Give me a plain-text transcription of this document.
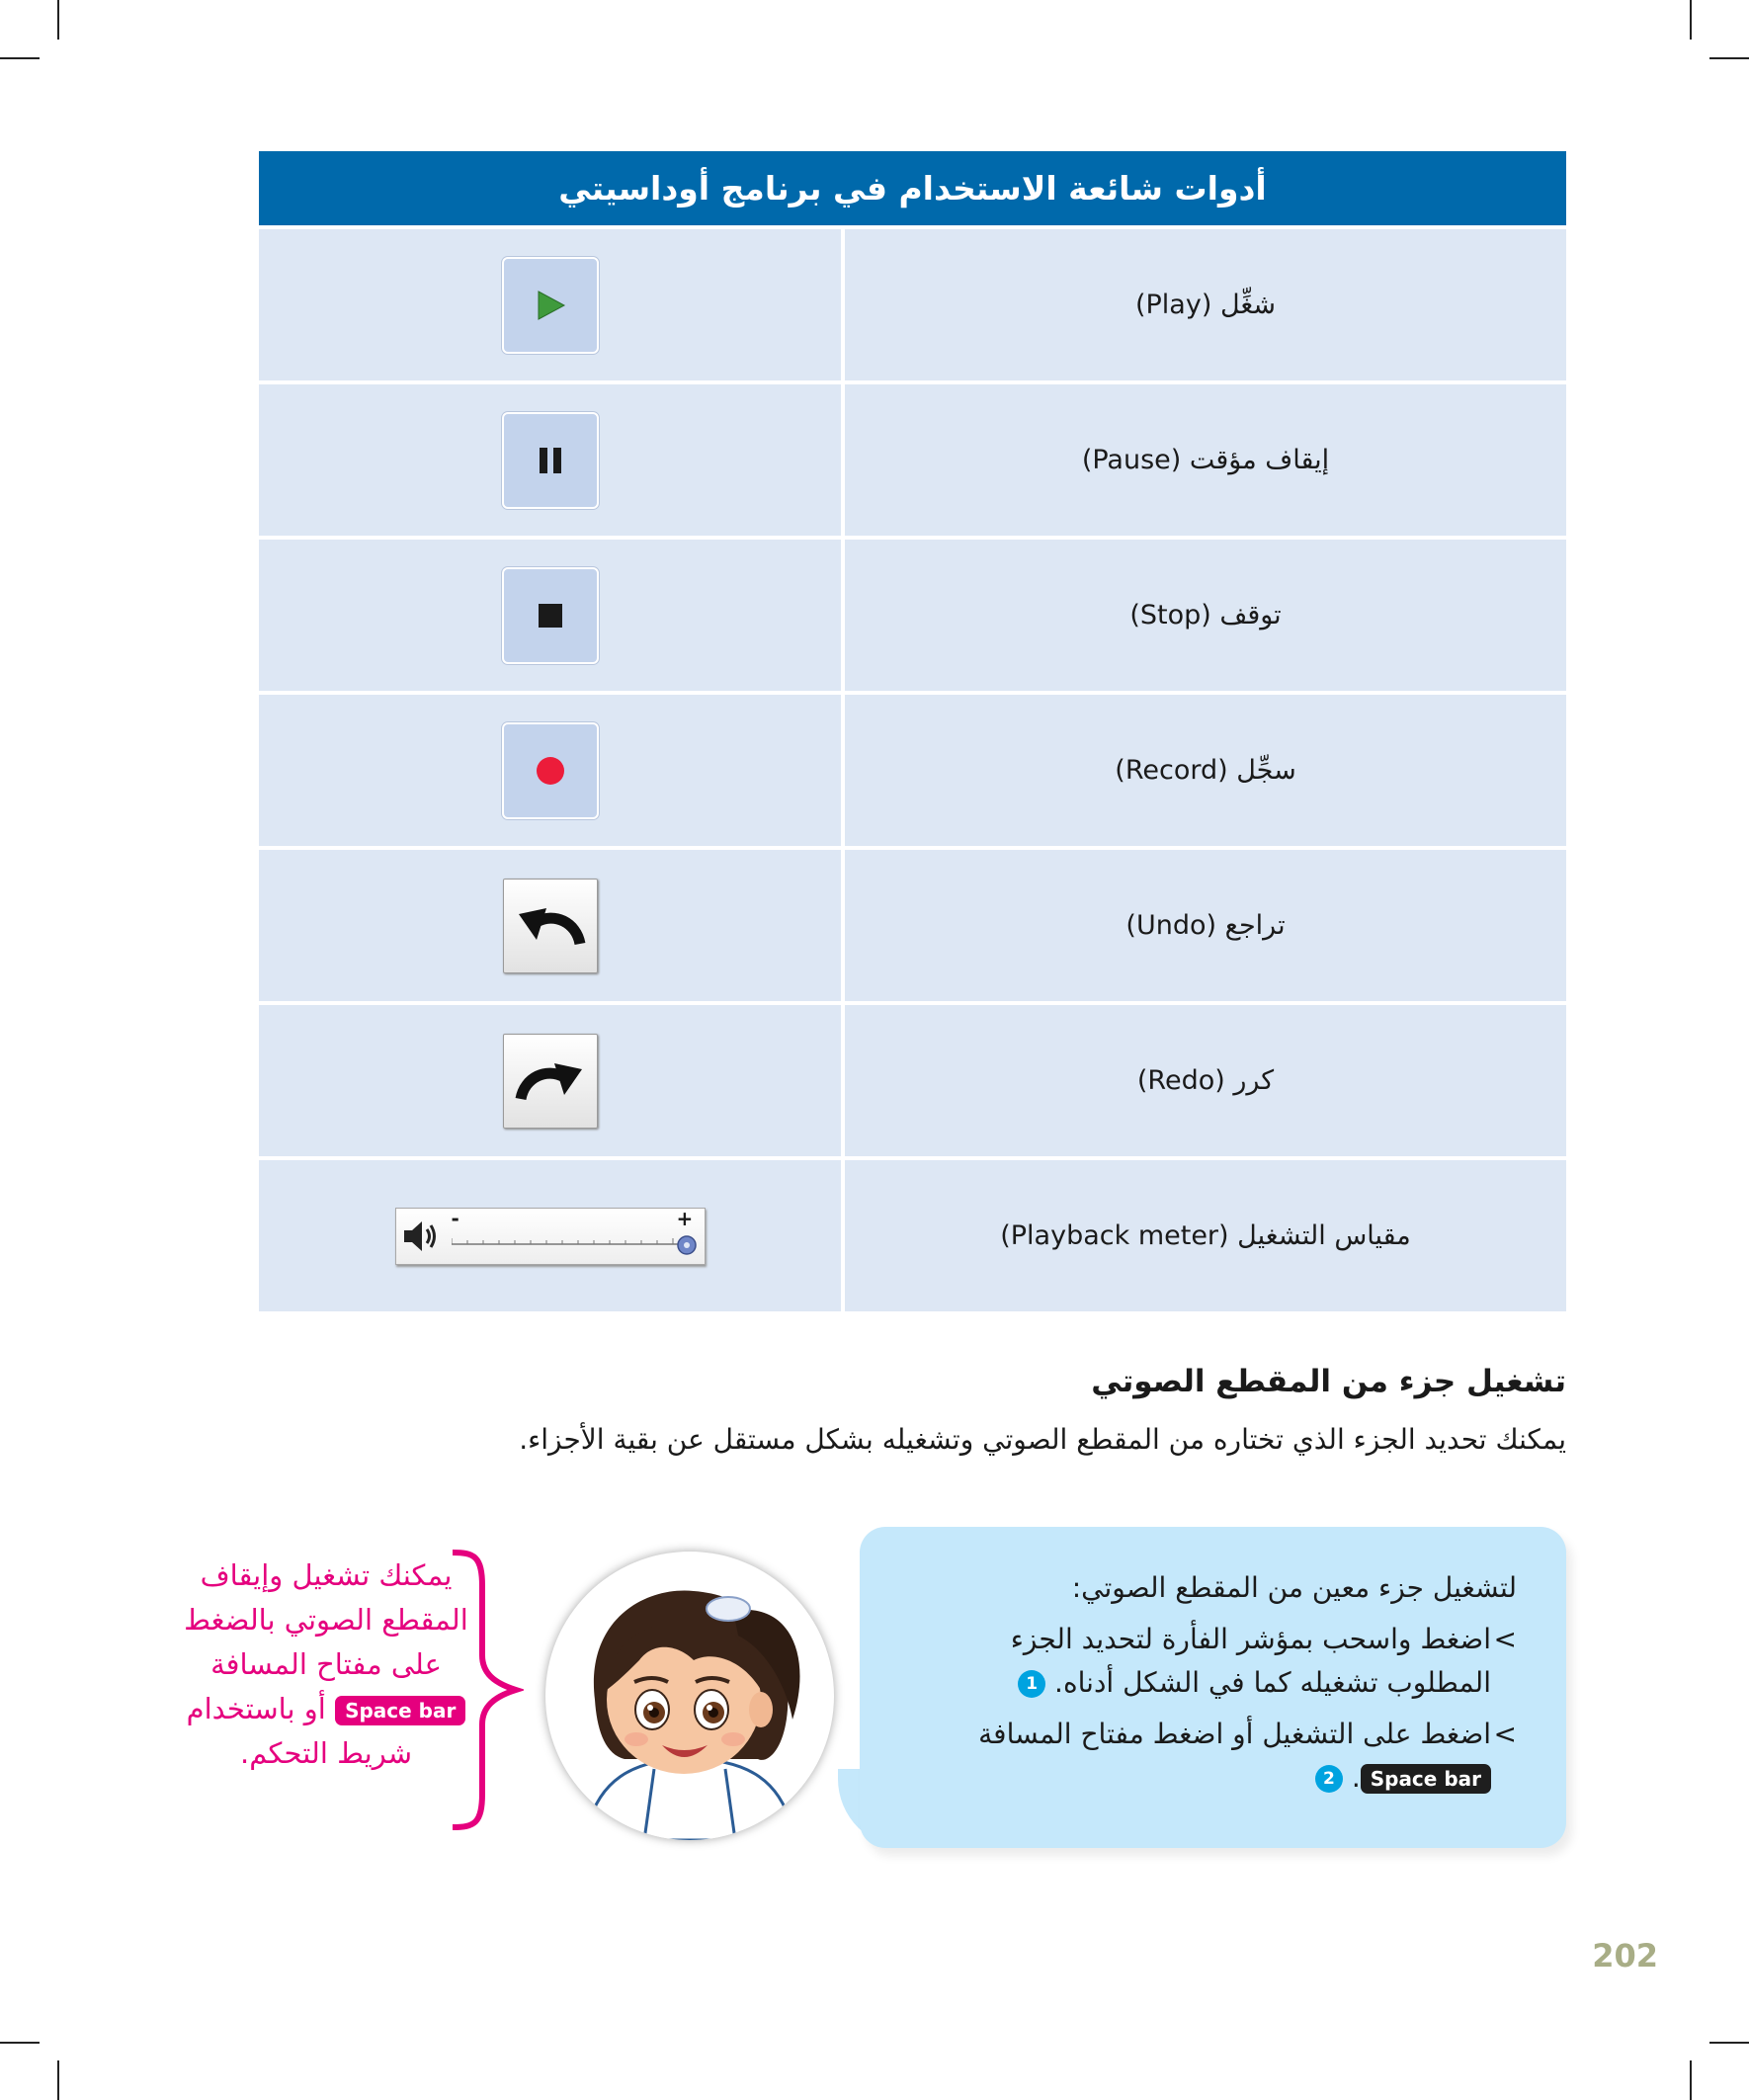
أدوات شائعة الاستخدام في برنامج أوداسيتي
شغِّل (Play)
إيقاف مؤقت (Pause)
توقف (Stop)
سجِّل (Record)
تراجع (Undo)
كرر (Redo)
مقياس التشغيل (Playback meter)
-	+
تشغيل جزء من المقطع الصوتي
يمكنك تحديد الجزء الذي تختاره من المقطع الصوتي وتشغيله بشكل مستقل عن بقية الأجزاء.
لتشغيل جزء معين من المقطع الصوتي:
>
اضغط واسحب بمؤشر الفأرة لتحديد الجزء المطلوب تشغيله كما في الشكل أدناه. 1
>
اضغط على التشغيل أو اضغط مفتاح المسافة Space bar. 2
يمكنك تشغيل وإيقاف المقطع الصوتي بالضغط على مفتاح المسافة Space bar أو باستخدام شريط التحكم.
202
